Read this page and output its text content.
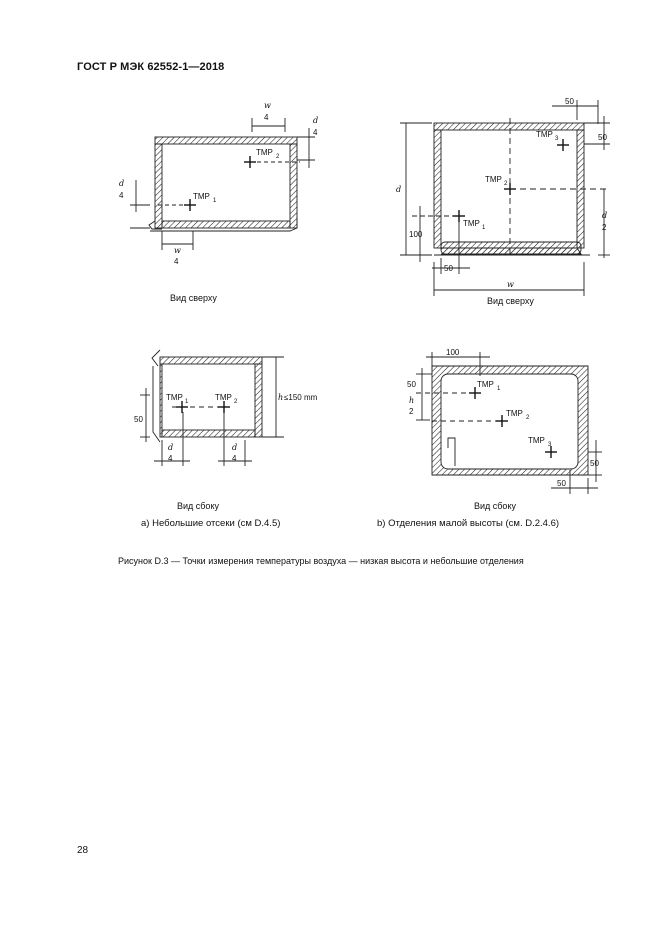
ГОСТ Р МЭК 62552-1—2018
w
4	d
4
TMP 2
d
4	TMP 1
w
4
Вид сверху
50
TMP 3	50
d
TMP 2
d
2
TMP 1
100
50
w
Вид сверху
TMP 1	TMP 2	h ≤150 mm
50
d
4
d
4
Вид сбоку
100
TMP 1
50
h
2	TMP 2
TMP 3
50
50
Вид сбоку
a) Небольшие отсеки (см D.4.5)	b) Отделения малой высоты (см. D.2.4.6)
Рисунок D.3 — Точки измерения температуры воздуха — низкая высота и небольшие отделения
28
